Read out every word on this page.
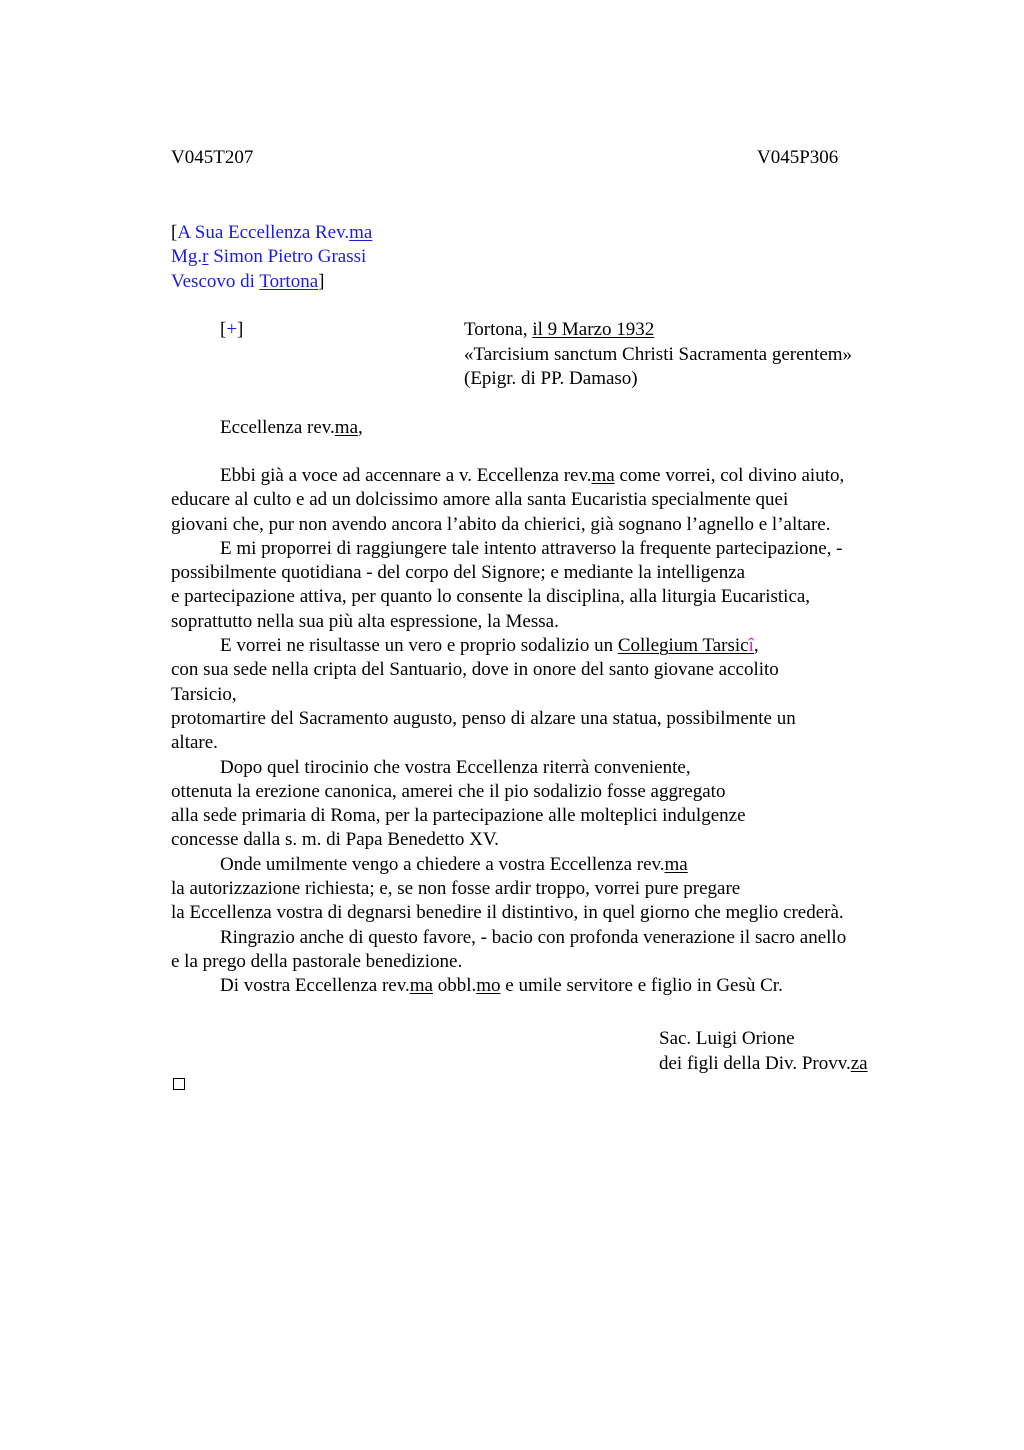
V045T207	V045P306
[A Sua Eccellenza Rev.ma
Mg.r Simon Pietro Grassi
Vescovo di Tortona]
[+]	Tortona, il 9 Marzo 1932
«Tarcisium sanctum Christi Sacramenta gerentem»
(Epigr. di PP. Damaso)
Eccellenza rev.ma,
Ebbi già a voce ad accennare a v. Eccellenza rev.ma come vorrei, col divino aiuto,
educare al culto e ad un dolcissimo amore alla santa Eucaristia specialmente quei
giovani che, pur non avendo ancora l’abito da chierici, già sognano l’agnello e l’altare.
E mi proporrei di raggiungere tale intento attraverso la frequente partecipazione, -
possibilmente quotidiana - del corpo del Signore; e mediante la intelligenza
e partecipazione attiva, per quanto lo consente la disciplina, alla liturgia Eucaristica,
soprattutto nella sua più alta espressione, la Messa.
E vorrei ne risultasse un vero e proprio sodalizio un Collegium Tarsicî,
con sua sede nella cripta del Santuario, dove in onore del santo giovane accolito
Tarsicio,
protomartire del Sacramento augusto, penso di alzare una statua, possibilmente un
altare.
Dopo quel tirocinio che vostra Eccellenza riterrà conveniente,
ottenuta la erezione canonica, amerei che il pio sodalizio fosse aggregato
alla sede primaria di Roma, per la partecipazione alle molteplici indulgenze
concesse dalla s. m. di Papa Benedetto XV.
Onde umilmente vengo a chiedere a vostra Eccellenza rev.ma
la autorizzazione richiesta; e, se non fosse ardir troppo, vorrei pure pregare
la Eccellenza vostra di degnarsi benedire il distintivo, in quel giorno che meglio crederà.
Ringrazio anche di questo favore, - bacio con profonda venerazione il sacro anello
e la prego della pastorale benedizione.
Di vostra Eccellenza rev.ma obbl.mo e umile servitore e figlio in Gesù Cr.
Sac. Luigi Orione
dei figli della Div. Provv.za
